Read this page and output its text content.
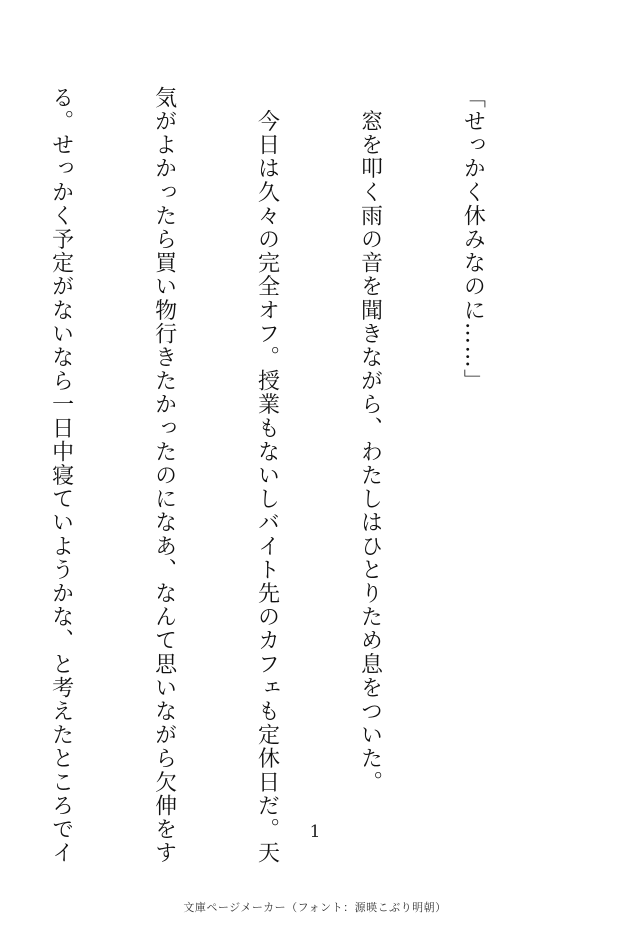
「せっかく休みなのに……」

　窓を叩く雨の音を聞きながら、わたしはひとりため息をついた。

　今日は久々の完全オフ。授業もないしバイト先のカフェも定休日だ。天

気がよかったら買い物行きたかったのになあ、なんて思いながら欠伸をす

る。せっかく予定がないなら一日中寝ていようかな、と考えたところでイ

	1
文庫ページメーカー（フォント：源暎こぶり明朝）
